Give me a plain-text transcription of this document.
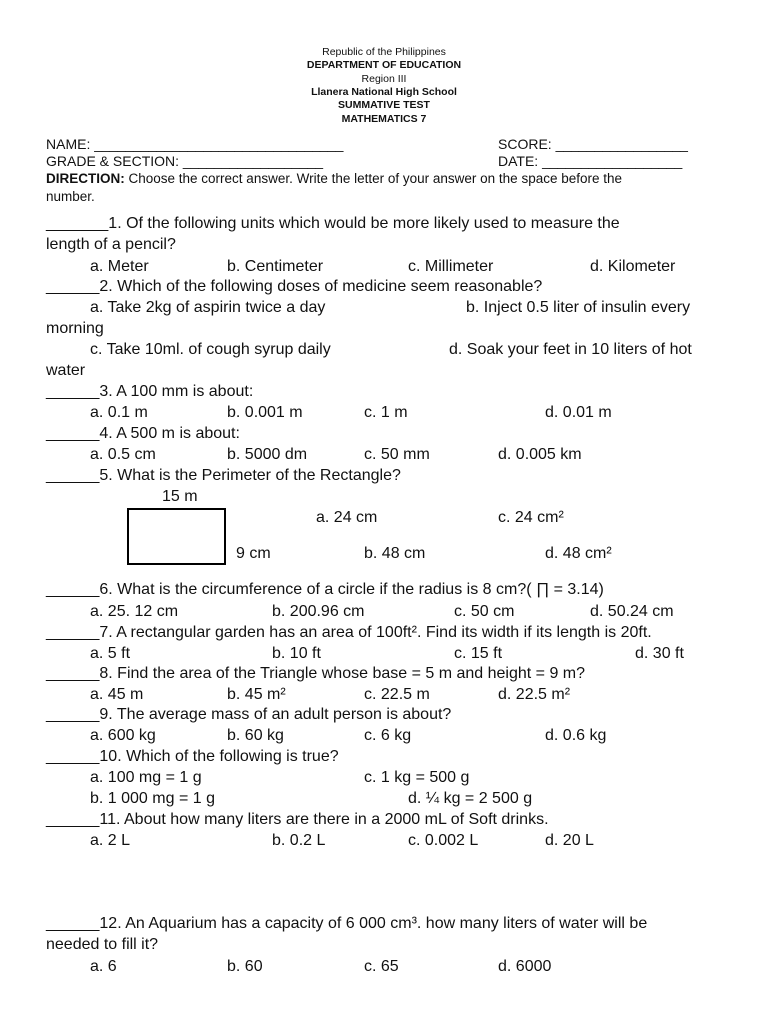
Republic of the Philippines
DEPARTMENT OF EDUCATION
Region III
Llanera National High School
SUMMATIVE TEST
MATHEMATICS 7
NAME: ________________________________	SCORE: _________________
GRADE & SECTION: __________________	DATE: __________________
DIRECTION: Choose the correct answer. Write the letter of your answer on the space before the
number.
_______1. Of the following units which would be more likely used to measure the
length of a pencil?
a. Meter	b. Centimeter	c. Millimeter	d. Kilometer
______2. Which of the following doses of medicine seem reasonable?
a. Take 2kg of aspirin twice a day	b. Inject 0.5 liter of insulin every
morning
c. Take 10ml. of cough syrup daily	d. Soak your feet in 10 liters of hot
water
______3. A 100 mm is about:
a. 0.1 m	b. 0.001 m	c. 1 m	d. 0.01 m
______4. A 500 m is about:
a. 0.5 cm	b. 5000 dm	c. 50 mm	d. 0.005 km
______5. What is the Perimeter of the Rectangle?
15 m
9 cm
a. 24 cm	c. 24 cm²
b. 48 cm	d. 48 cm²
______6. What is the circumference of a circle if the radius is 8 cm?( ∏ = 3.14)
a. 25. 12 cm	b. 200.96 cm	c. 50 cm	d. 50.24 cm
______7. A rectangular garden has an area of 100ft². Find its width if its length is 20ft.
a. 5 ft	b. 10 ft	c. 15 ft	d. 30 ft
______8. Find the area of the Triangle whose base = 5 m and height = 9 m?
a. 45 m	b. 45 m²	c. 22.5 m	d. 22.5 m²
______9. The average mass of an adult person is about?
a. 600 kg	b. 60 kg	c. 6 kg	d. 0.6 kg
______10. Which of the following is true?
a. 100 mg = 1 g	c. 1 kg = 500 g
b. 1 000 mg = 1 g	d. ¼ kg = 2 500 g
______11. About how many liters are there in a 2000 mL of Soft drinks.
a. 2 L	b. 0.2 L	c. 0.002 L	d. 20 L
______12. An Aquarium has a capacity of 6 000 cm³. how many liters of water will be
needed to fill it?
a. 6	b. 60	c. 65	d. 6000
